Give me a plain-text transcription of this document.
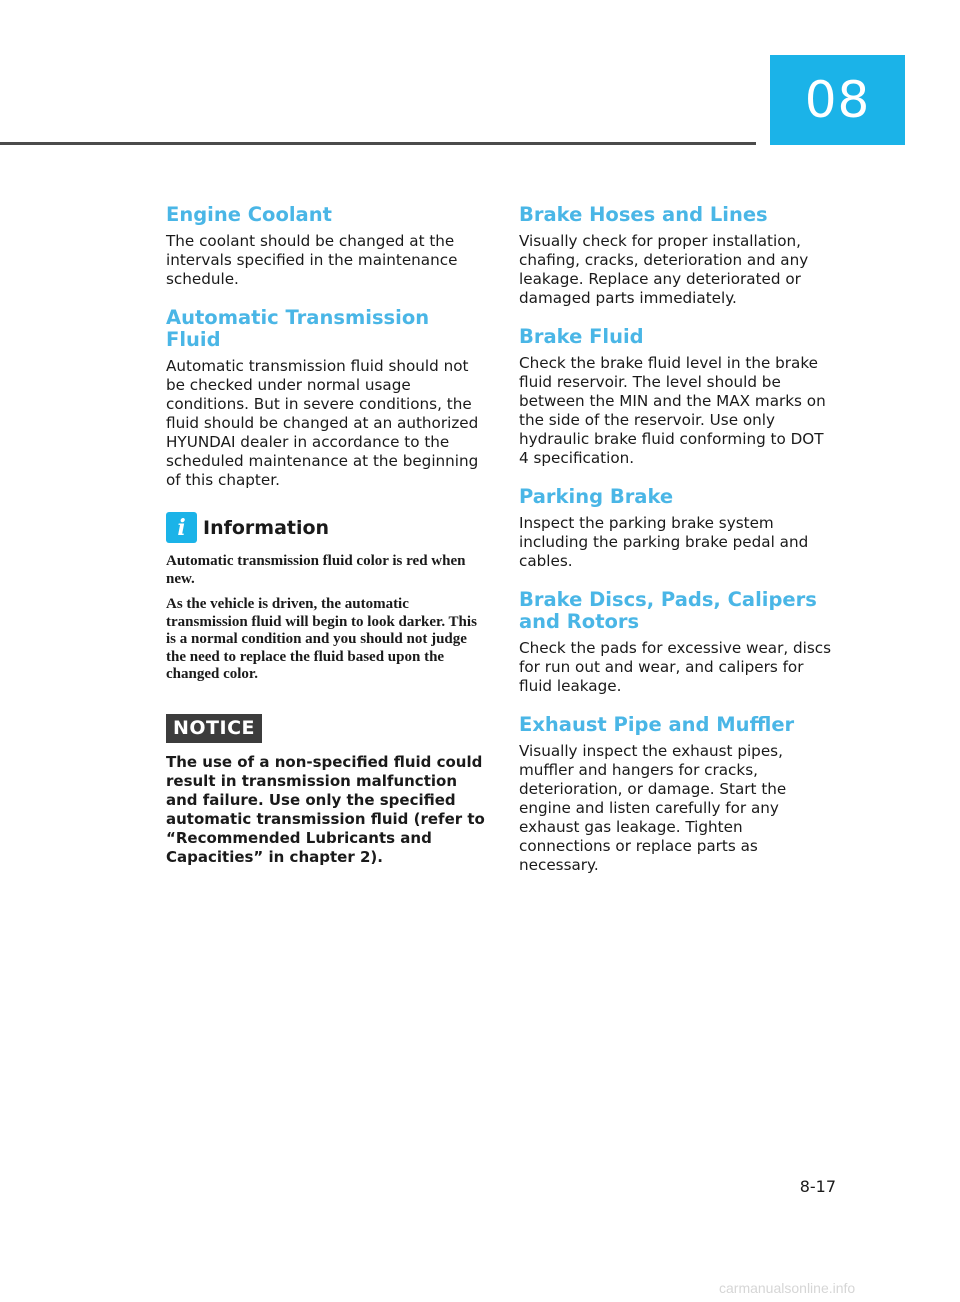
08
Engine Coolant

The coolant should be changed at the intervals specified in the maintenance schedule.

Automatic Transmission Fluid

Automatic transmission fluid should not be checked under normal usage conditions. But in severe conditions, the fluid should be changed at an authorized HYUNDAI dealer in accordance to the scheduled maintenance at the beginning of this chapter.

i Information

Automatic transmission fluid color is red when new.

As the vehicle is driven, the automatic transmission fluid will begin to look darker. This is a normal condition and you should not judge the need to replace the fluid based upon the changed color.

NOTICE

The use of a non-specified fluid could result in transmission malfunction and failure. Use only the specified automatic transmission fluid (refer to “Recommended Lubricants and Capacities” in chapter 2).

Brake Hoses and Lines

Visually check for proper installation, chafing, cracks, deterioration and any leakage. Replace any deteriorated or damaged parts immediately.

Brake Fluid

Check the brake fluid level in the brake fluid reservoir. The level should be between the MIN and the MAX marks on the side of the reservoir. Use only hydraulic brake fluid conforming to DOT 4 specification.

Parking Brake

Inspect the parking brake system including the parking brake pedal and cables.

Brake Discs, Pads, Calipers and Rotors

Check the pads for excessive wear, discs for run out and wear, and calipers for fluid leakage.

Exhaust Pipe and Muffler

Visually inspect the exhaust pipes, muffler and hangers for cracks, deterioration, or damage. Start the engine and listen carefully for any exhaust gas leakage. Tighten connections or replace parts as necessary.

8-17
carmanualsonline.info
